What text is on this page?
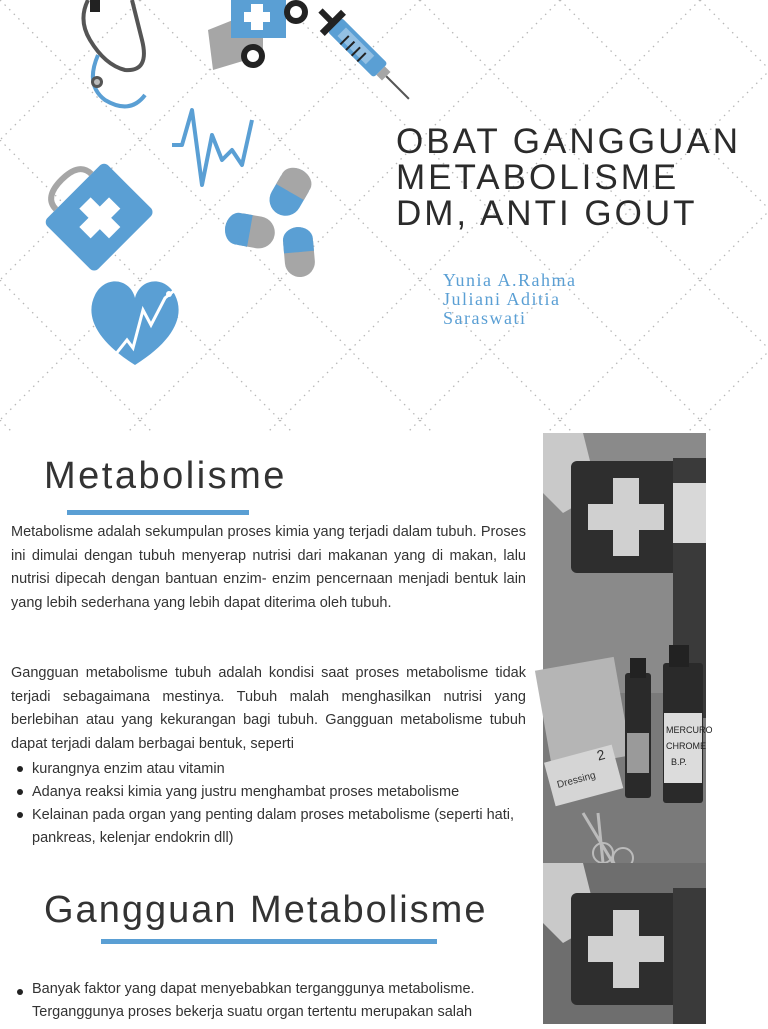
OBAT GANGGUAN
METABOLISME
DM, ANTI GOUT
Yunia A.Rahma
Juliani Aditia
Saraswati
Metabolisme
Metabolisme adalah sekumpulan proses kimia yang terjadi dalam tubuh. Proses ini dimulai dengan tubuh menyerap nutrisi dari makanan yang di makan, lalu nutrisi dipecah dengan bantuan enzim- enzim pencernaan menjadi bentuk lain yang lebih sederhana yang lebih dapat diterima oleh tubuh.
Gangguan metabolisme tubuh adalah kondisi saat proses metabolisme tidak terjadi sebagaimana mestinya. Tubuh malah menghasilkan nutrisi yang berlebihan atau yang kekurangan bagi tubuh. Gangguan metabolisme tubuh dapat terjadi dalam berbagai bentuk, seperti
kurangnya enzim atau vitamin
Adanya reaksi kimia yang justru menghambat proses metabolisme
Kelainan pada organ yang penting dalam proses metabolisme (seperti hati, pankreas, kelenjar endokrin dll)
Gangguan Metabolisme
Banyak faktor yang dapat menyebabkan terganggunya metabolisme. Terganggunya proses bekerja suatu organ tertentu merupakan salah
Dressing
2
MERCURO
CHROME
B.P.
